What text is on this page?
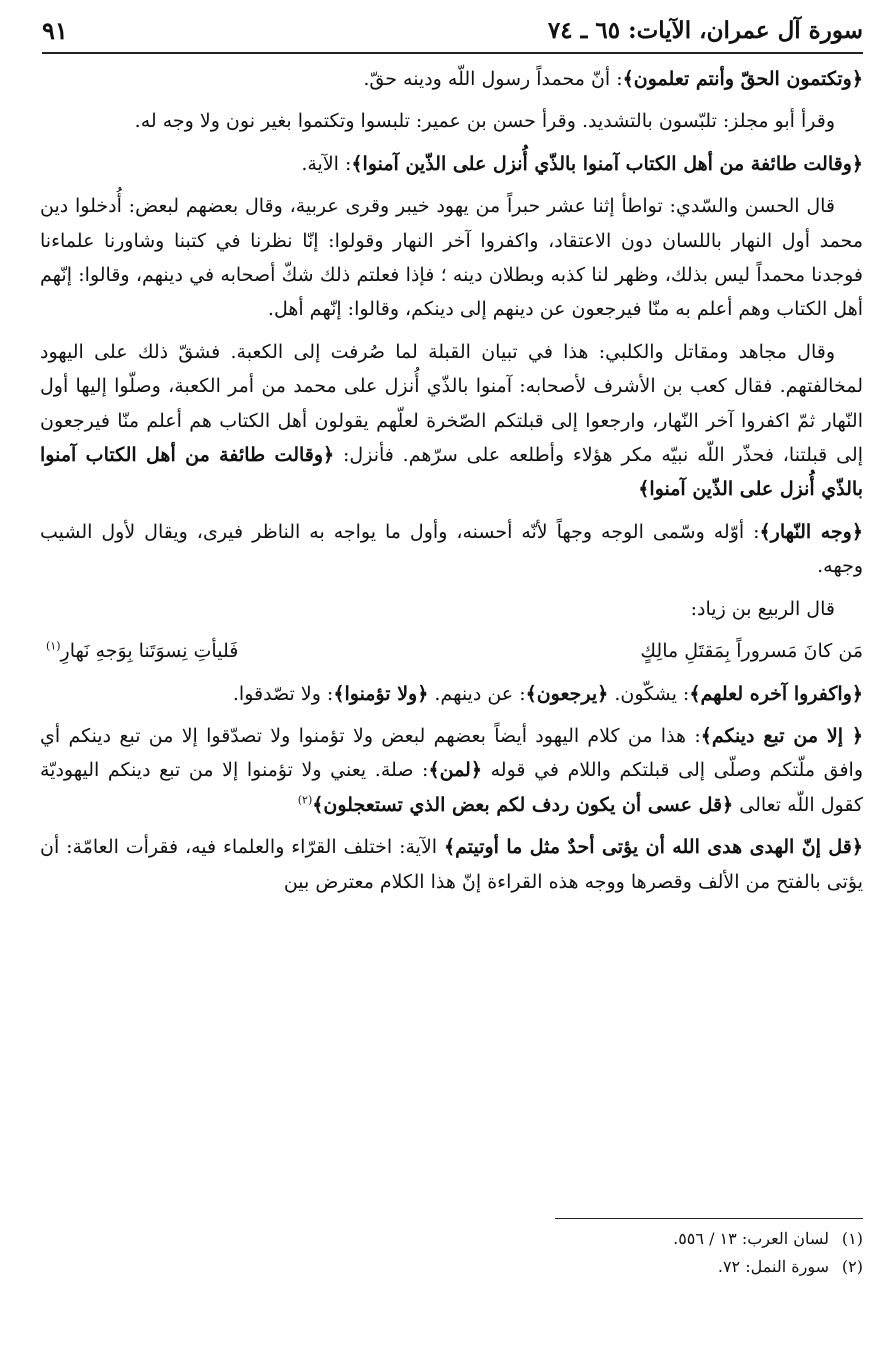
سورة آل عمران، الآيات: ٦٥ ـ ٧٤
٩١

﴿وتكتمون الحقّ وأنتم تعلمون﴾: أنّ محمداً رسول اللّه ودينه حقّ.

وقرأ أبو مجلز: تلبّسون بالتشديد. وقرأ حسن بن عمير: تلبسوا وتكتموا بغير نون ولا وجه له.

﴿وقالت طائفة من أهل الكتاب آمنوا بالذّي أُنزل على الذّين آمنوا﴾: الآية.

قال الحسن والسّدي: تواطأ إثنا عشر حبراً من يهود خيبر وقرى عربية، وقال بعضهم لبعض: أُدخلوا دين محمد أول النهار باللسان دون الاعتقاد، واكفروا آخر النهار وقولوا: إنّا نظرنا في كتبنا وشاورنا علماءنا فوجدنا محمداً ليس بذلك، وظهر لنا كذبه وبطلان دينه ؛ فإذا فعلتم ذلك شكّ أصحابه في دينهم، وقالوا: إنّهم أهل الكتاب وهم أعلم به منّا فيرجعون عن دينهم إلى دينكم، وقالوا: إنّهم أهل.

وقال مجاهد ومقاتل والكلبي: هذا في تبيان القبلة لما صُرفت إلى الكعبة. فشقّ ذلك على اليهود لمخالفتهم. فقال كعب بن الأشرف لأصحابه: آمنوا بالذّي أُنزل على محمد من أمر الكعبة، وصلّوا إليها أول النّهار ثمّ اكفروا آخر النّهار، وارجعوا إلى قبلتكم الصّخرة لعلّهم يقولون أهل الكتاب هم أعلم منّا فيرجعون إلى قبلتنا، فحذّر اللّه نبيّه مكر هؤلاء وأطلعه على سرّهم. فأنزل: ﴿وقالت طائفة من أهل الكتاب آمنوا بالذّي أُنزل على الذّين آمنوا﴾

﴿وجه النّهار﴾: أوّله وسّمى الوجه وجهاً لأنّه أحسنه، وأول ما يواجه به الناظر فيرى، ويقال لأول الشيب وجهه.

قال الربيع بن زياد:

مَن كانَ مَسروراً بِمَقتَلِ مالِكٍ
فَليأتِ نِسوَتَنا بِوَجهِ نَهارِ$^{(١)}$

﴿واكفروا آخره لعلهم﴾: يشكّون. ﴿يرجعون﴾: عن دينهم. ﴿ولا تؤمنوا﴾: ولا تصّدقوا.

﴿ إلا من تبع دينكم﴾: هذا من كلام اليهود أيضاً بعضهم لبعض ولا تؤمنوا ولا تصدّقوا إلا من تبع دينكم أي وافق ملّتكم وصلّى إلى قبلتكم واللام في قوله ﴿لمن﴾: صلة. يعني ولا تؤمنوا إلا من تبع دينكم اليهوديّة كقول اللّه تعالى ﴿قل عسى أن يكون ردف لكم بعض الذي تستعجلون﴾$^{(٢)}$

﴿قل إنّ الهدى هدى الله أن يؤتى أحدٌ مثل ما أوتيتم﴾ الآية: اختلف القرّاء والعلماء فيه، فقرأت العامّة: أن يؤتى بالفتح من الألف وقصرها ووجه هذه القراءة إنّ هذا الكلام معترض بين

(١)لسان العرب: ١٣ / ٥٥٦.
(٢)سورة النمل: ٧٢.
